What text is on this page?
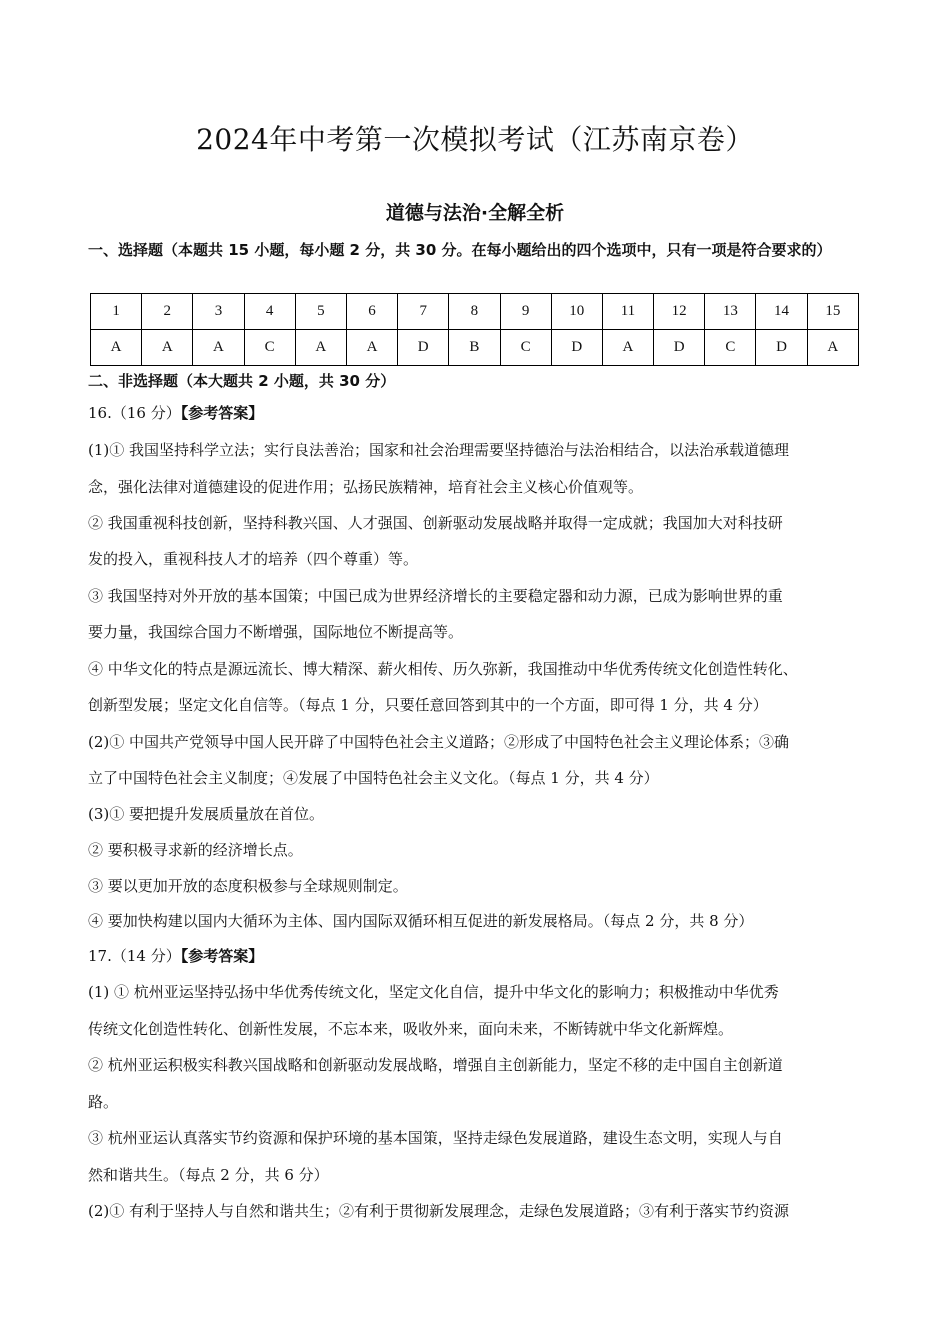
2024年中考第一次模拟考试（江苏南京卷）
道德与法治·全解全析
一、选择题（本题共 15 小题，每小题 2 分，共 30 分。在每小题给出的四个选项中，只有一项是符合要求的）
1	2	3	4	5	6	7	8	9	10	11	12	13	14	15
A	A	A	C	A	A	D	B	C	D	A	D	C	D	A
二、非选择题（本大题共 2 小题，共 30 分）
16.（16 分）【参考答案】
(1)① 我国坚持科学立法；实行良法善治；国家和社会治理需要坚持德治与法治相结合，以法治承载道德理
念，强化法律对道德建设的促进作用；弘扬民族精神，培育社会主义核心价值观等。
② 我国重视科技创新，坚持科教兴国、人才强国、创新驱动发展战略并取得一定成就；我国加大对科技研
发的投入，重视科技人才的培养（四个尊重）等。
③ 我国坚持对外开放的基本国策；中国已成为世界经济增长的主要稳定器和动力源，已成为影响世界的重
要力量，我国综合国力不断增强，国际地位不断提高等。
④ 中华文化的特点是源远流长、博大精深、薪火相传、历久弥新，我国推动中华优秀传统文化创造性转化、
创新型发展；坚定文化自信等。（每点 1 分，只要任意回答到其中的一个方面，即可得 1 分，共 4 分）
(2)① 中国共产党领导中国人民开辟了中国特色社会主义道路；②形成了中国特色社会主义理论体系；③确
立了中国特色社会主义制度；④发展了中国特色社会主义文化。（每点 1 分，共 4 分）
(3)① 要把提升发展质量放在首位。
② 要积极寻求新的经济增长点。
③ 要以更加开放的态度积极参与全球规则制定。
④ 要加快构建以国内大循环为主体、国内国际双循环相互促进的新发展格局。（每点 2 分，共 8 分）
17.（14 分）【参考答案】
(1) ① 杭州亚运坚持弘扬中华优秀传统文化，坚定文化自信，提升中华文化的影响力；积极推动中华优秀
传统文化创造性转化、创新性发展，不忘本来，吸收外来，面向未来，不断铸就中华文化新辉煌。
② 杭州亚运积极实科教兴国战略和创新驱动发展战略，增强自主创新能力，坚定不移的走中国自主创新道
路。
③ 杭州亚运认真落实节约资源和保护环境的基本国策，坚持走绿色发展道路，建设生态文明，实现人与自
然和谐共生。（每点 2 分，共 6 分）
(2)① 有利于坚持人与自然和谐共生；②有利于贯彻新发展理念，走绿色发展道路；③有利于落实节约资源
